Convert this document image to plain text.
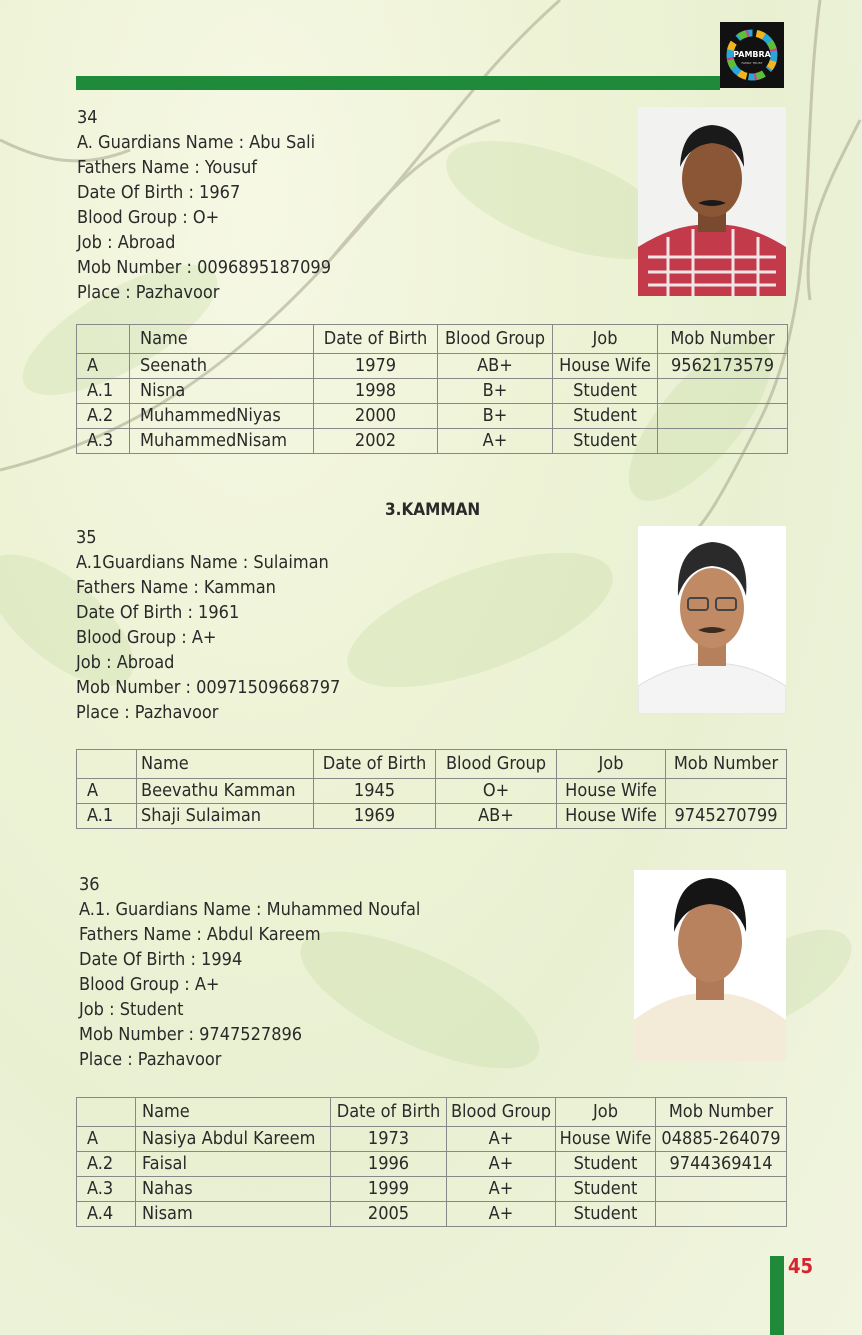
PAMBRA
FAMILY TRUST
34
A. Guardians Name : Abu Sali
Fathers Name : Yousuf
Date Of Birth : 1967
Blood Group : O+
Job : Abroad
Mob Number : 0096895187099
Place : Pazhavoor
	Name	Date of Birth	Blood Group	Job	Mob Number
A	Seenath	1979	AB+	House Wife	9562173579
A.1	Nisna	1998	B+	Student	
A.2	MuhammedNiyas	2000	B+	Student	
A.3	MuhammedNisam	2002	A+	Student	
3.KAMMAN
35
A.1Guardians Name : Sulaiman
Fathers Name : Kamman
Date Of Birth : 1961
Blood Group : A+
Job : Abroad
Mob Number : 00971509668797
Place : Pazhavoor
	Name	Date of Birth	Blood Group	Job	Mob Number
A	Beevathu Kamman	1945	O+	House Wife	
A.1	Shaji Sulaiman	1969	AB+	House Wife	9745270799
36
A.1. Guardians Name : Muhammed Noufal
Fathers Name : Abdul Kareem
Date Of Birth : 1994
Blood Group : A+
Job : Student
Mob Number : 9747527896
Place : Pazhavoor
	Name	Date of Birth	Blood Group	Job	Mob Number
A	Nasiya Abdul Kareem	1973	A+	House Wife	04885-264079
A.2	Faisal	1996	A+	Student	9744369414
A.3	Nahas	1999	A+	Student	
A.4	Nisam	2005	A+	Student	
45
